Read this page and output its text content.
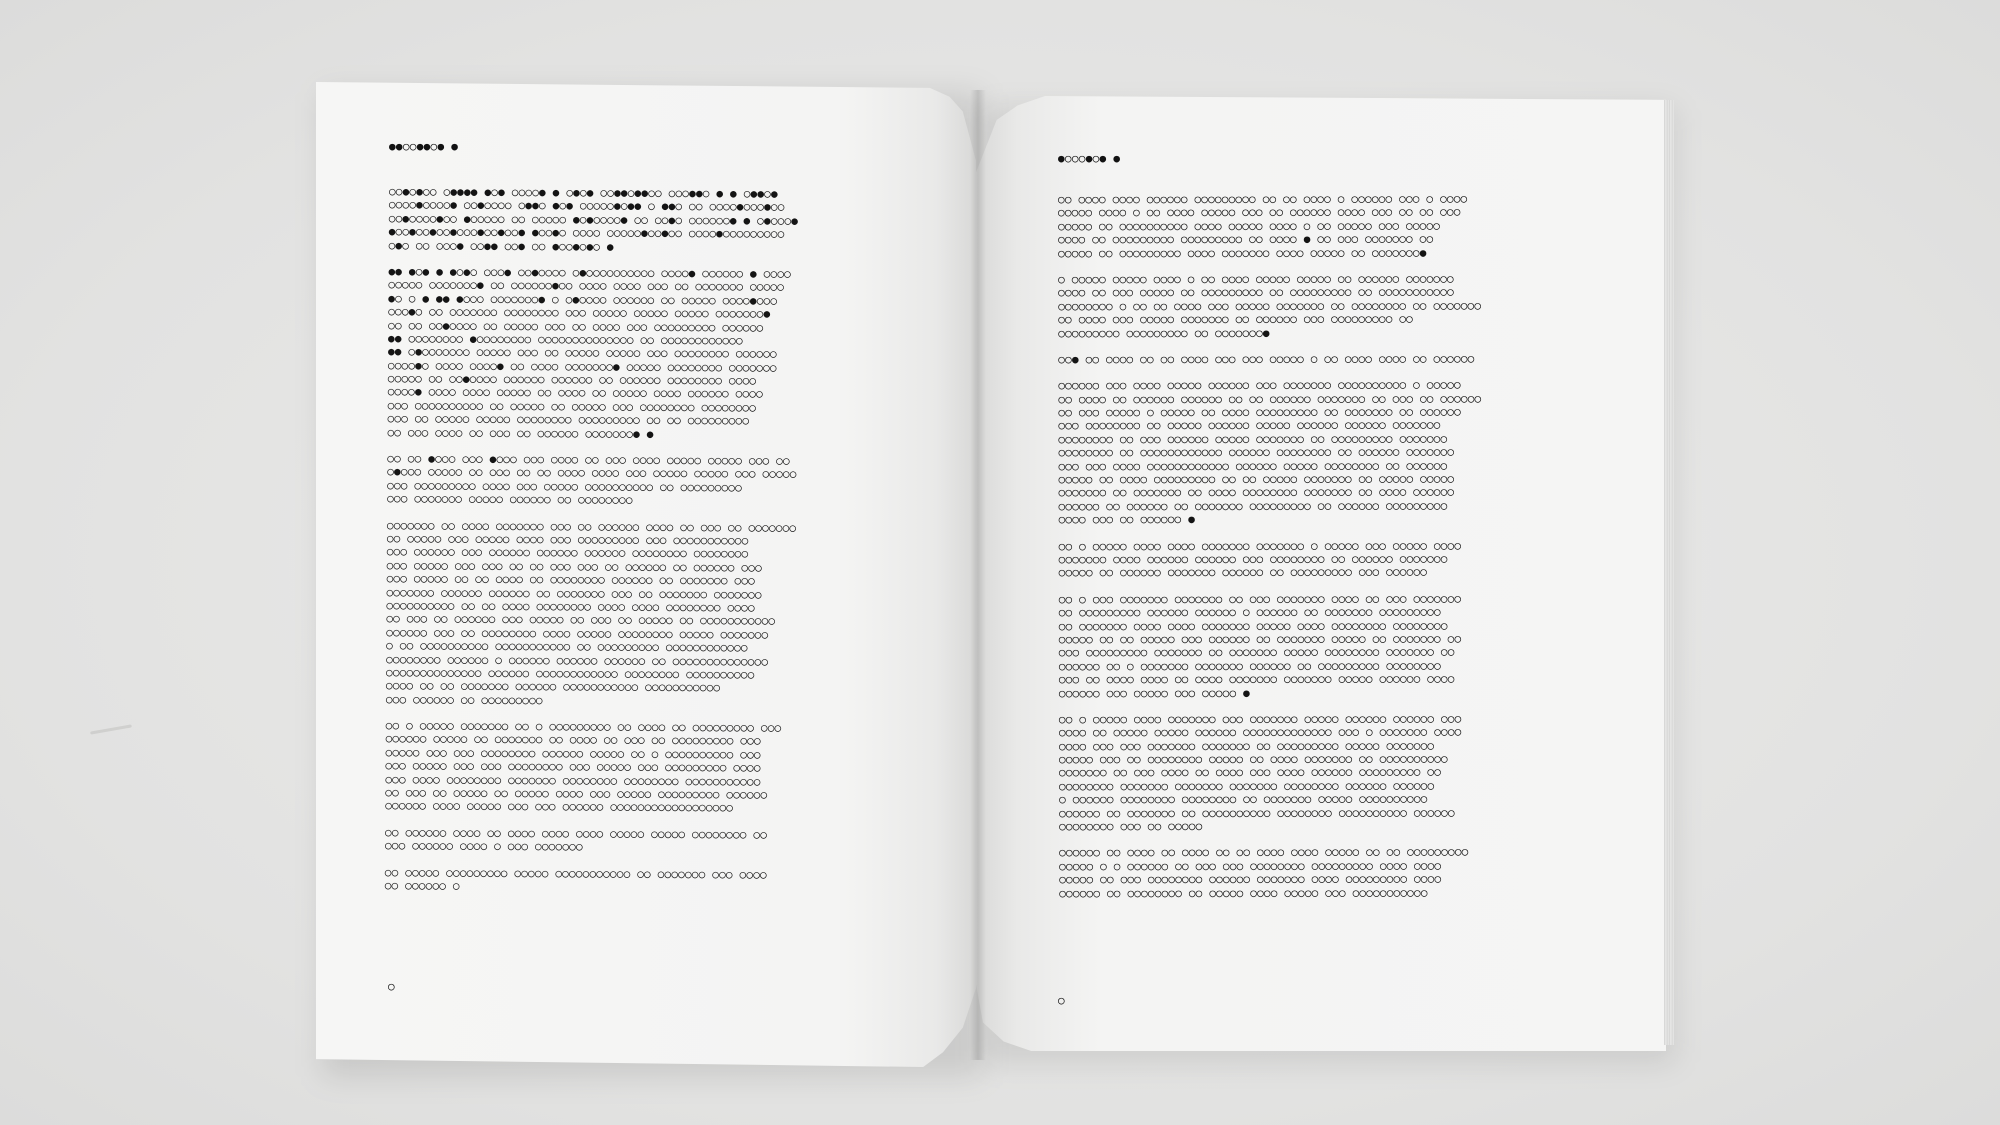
●●○○●●○● ●
○○●○●○○ ○●●●● ●○● ○○○○● ● ○●○● ○○●●○●●○○ ○○○●●○ ● ● ○●●○●
○○○○●○○○○● ○○●○○○○ ○●●○ ●○● ○○○○○●○●● ○ ●●○ ○○ ○○○○●○○○●○○
○○●○○○○●○○ ●○○○○○ ○○ ○○○○○ ●○●○○○○● ○○ ○○●○ ○○○○○○● ● ○●○○○●
●○○●○○●○○●○○○●○○●○○● ●○○●○ ○○○○ ○○○○○●○○●○○ ○○○○●○○○○○○○○○
○●○ ○○ ○○○● ○○●● ○○● ○○ ●○○●○●○ ●
●● ●○● ● ●○●○ ○○○● ○○●○○○○ ○●○○○○○○○○○○ ○○○○● ○○○○○○ ● ○○○○
○○○○○ ○○○○○○○● ○○ ○○○○○○●○○ ○○○○ ○○○○ ○○○ ○○ ○○○○○○○ ○○○○○
●○ ○ ● ●● ●○○○ ○○○○○○○● ○ ○●○○○○ ○○○○○○ ○○ ○○○○○ ○○○○●○○○
○○○●○ ○○ ○○○○○○○ ○○○○○○○○ ○○○ ○○○○○ ○○○○○ ○○○○○ ○○○○○○○●
○○ ○○ ○○●○○○○ ○○ ○○○○○ ○○○ ○○ ○○○○ ○○○ ○○○○○○○○○ ○○○○○○
●● ○○○○○○○○ ●○○○○○○○○ ○○○○○○○○○○○○○○ ○○ ○○○○○○○○○○○○
●● ○●○○○○○○○ ○○○○○ ○○○ ○○ ○○○○○ ○○○○○ ○○○ ○○○○○○○○ ○○○○○○
○○○○●○ ○○○○ ○○○○● ○○ ○○○○ ○○○○○○○● ○○○○○ ○○○○○○○○ ○○○○○○○
○○○○○ ○○ ○○●○○○○ ○○○○○○ ○○○○○○ ○○ ○○○○○○ ○○○○○○○○ ○○○○
○○○○● ○○○○ ○○○○ ○○○○○ ○○ ○○○○ ○○ ○○○○○ ○○○○ ○○○○○○ ○○○○
○○○ ○○○○○○○○○○ ○○ ○○○○○ ○○ ○○○○○ ○○○ ○○○○○○○○ ○○○○○○○○
○○○ ○○ ○○○○○ ○○○○○ ○○○○○○○○ ○○○○○○○○○ ○○ ○○ ○○○○○○○○○
○○ ○○○ ○○○○ ○○ ○○○ ○○ ○○○○○○ ○○○○○○○● ●
○○ ○○ ●○○○ ○○○ ●○○○ ○○○ ○○○○ ○○ ○○○ ○○○○ ○○○○○ ○○○○○ ○○○ ○○
○●○○○ ○○○○○ ○○ ○○○ ○○ ○○ ○○○○ ○○○○ ○○○ ○○○○○ ○○○○○ ○○○ ○○○○○
○○○ ○○○○○○○○○ ○○○○ ○○○ ○○○○○ ○○○○○○○○○○ ○○ ○○○○○○○○○
○○○ ○○○○○○○ ○○○○○ ○○○○○○ ○○ ○○○○○○○○
○○○○○○○ ○○ ○○○○ ○○○○○○○ ○○○ ○○ ○○○○○○ ○○○○ ○○ ○○○ ○○ ○○○○○○○
○○ ○○○○○ ○○○ ○○○○○ ○○○○ ○○○ ○○○○○○○○○ ○○○ ○○○○○○○○○○○
○○○ ○○○○○○ ○○○ ○○○○○○ ○○○○○○ ○○○○○○ ○○○○○○○○ ○○○○○○○○
○○○ ○○○○○ ○○○ ○○○ ○○ ○○ ○○○ ○○○ ○○ ○○○○○○ ○○ ○○○○○○ ○○○
○○○ ○○○○○ ○○ ○○ ○○○○ ○○ ○○○○○○○○ ○○○○○○ ○○ ○○○○○○○ ○○○
○○○○○○○ ○○○○○○ ○○○○○○ ○○ ○○○○○○○ ○○○ ○○ ○○○○○○○ ○○○○○○○
○○○○○○○○○○ ○○ ○○ ○○○○ ○○○○○○○○ ○○○○ ○○○○ ○○○○○○○○ ○○○○
○○ ○○○ ○○ ○○○○○○ ○○○ ○○○○○ ○○ ○○○ ○○ ○○○○○ ○○ ○○○○○○○○○○○
○○○○○○ ○○○ ○○ ○○○○○○○○ ○○○○ ○○○○○ ○○○○○○○○ ○○○○○ ○○○○○○○
○ ○○ ○○○○○○○○○○ ○○○○○○○○○○○ ○○ ○○○○○○○○○ ○○○○○○○○○○○○
○○○○○○○○ ○○○○○○ ○ ○○○○○○ ○○○○○○ ○○○○○○ ○○ ○○○○○○○○○○○○○○
○○○○○○○○○○○○○○ ○○○○○○ ○○○○○○○○○○○○ ○○○○○○○○ ○○○○○○○○○○
○○○○ ○○ ○○ ○○○○○○○ ○○○○○○ ○○○○○○○○○○○ ○○○○○○○○○○○
○○○ ○○○○○○ ○○ ○○○○○○○○○
○○ ○ ○○○○○ ○○○○○○○ ○○ ○ ○○○○○○○○○ ○○ ○○○○ ○○ ○○○○○○○○○ ○○○
○○○○○○ ○○○○○ ○○ ○○○○○○○ ○○ ○○○○ ○○ ○○○ ○○ ○○○○○○○○○ ○○○
○○○○○ ○○○ ○○○ ○○○○○○○○ ○○○○○○ ○○○○○ ○○ ○ ○○○○○○○○○○ ○○○
○○○ ○○○○○ ○○○ ○○○ ○○○○○○○○ ○○○ ○○○○○ ○○○ ○○○○○○○○○ ○○○○
○○○ ○○○○ ○○○○○○○○ ○○○○○○○ ○○○○○○○○ ○○○○○○○○ ○○○○○○○○○○○
○○ ○○○ ○○ ○○○○○ ○○ ○○○○○ ○○○○ ○○○ ○○○○○ ○○○○○○○○○ ○○○○○○
○○○○○○ ○○○○ ○○○○○ ○○○ ○○○ ○○○○○○ ○○○○○○○○○○○○○○○○○○
○○ ○○○○○○ ○○○○ ○○ ○○○○ ○○○○ ○○○○ ○○○○○ ○○○○○ ○○○○○○○○ ○○
○○○ ○○○○○○ ○○○○ ○ ○○○ ○○○○○○○
○○ ○○○○○ ○○○○○○○○○ ○○○○○ ○○○○○○○○○○○ ○○ ○○○○○○○ ○○○ ○○○○
○○ ○○○○○○ ○
○
●○○○●○● ●
○○ ○○○○ ○○○○ ○○○○○○ ○○○○○○○○○ ○○ ○○ ○○○○ ○ ○○○○○○ ○○○ ○ ○○○○
○○○○○ ○○○○ ○ ○○ ○○○○ ○○○○○ ○○○ ○○ ○○○○○○ ○○○○ ○○○ ○○ ○○ ○○○
○○○○○ ○○ ○○○○○○○○○○ ○○○○ ○○○○○ ○○○○ ○ ○○ ○○○○○ ○○○ ○○○○○
○○○○ ○○ ○○○○○○○○○ ○○○○○○○○○ ○○ ○○○○ ● ○○ ○○○ ○○○○○○○ ○○
○○○○○ ○○ ○○○○○○○○○ ○○○○ ○○○○○○○ ○○○○ ○○○○○ ○○ ○○○○○○○●
○ ○○○○○ ○○○○○ ○○○○ ○ ○○ ○○○○ ○○○○○ ○○○○○ ○○ ○○○○○○ ○○○○○○○
○○○○ ○○ ○○○ ○○○○○ ○○ ○○○○○○○○○ ○○ ○○○○○○○○○ ○○ ○○○○○○○○○○○
○○○○○○○○ ○ ○○ ○○ ○○○○ ○○○ ○○○○○ ○○○○○○○ ○○ ○○○○○○○○ ○○ ○○○○○○○
○○ ○○○○ ○○○ ○○○○○ ○○○○○○○ ○○ ○○○○○○ ○○○ ○○○○○○○○○ ○○
○○○○○○○○○ ○○○○○○○○○ ○○ ○○○○○○○●
○○● ○○ ○○○○ ○○ ○○ ○○○○ ○○○ ○○○ ○○○○○ ○ ○○ ○○○○ ○○○○ ○○ ○○○○○○
○○○○○○ ○○○ ○○○○ ○○○○○ ○○○○○○ ○○○ ○○○○○○○ ○○○○○○○○○○ ○ ○○○○○
○○ ○○○○ ○○ ○○○○○○ ○○○○○○ ○○ ○○ ○○○○○○ ○○○○○○○ ○○ ○○○ ○○ ○○○○○○
○○ ○○○ ○○○○○ ○ ○○○○○ ○○ ○○○○ ○○○○○○○○○ ○○ ○○○○○○○ ○○ ○○○○○○
○○○ ○○○○○○○○ ○○ ○○○○○ ○○○○○○ ○○○○○ ○○○○○○ ○○○○○○ ○○○○○○○
○○○○○○○○ ○○ ○○○ ○○○○○○ ○○○○○ ○○○○○○○ ○○ ○○○○○○○○○ ○○○○○○○
○○○○○○○○ ○○ ○○○○○○○○○○○○ ○○○○○○ ○○○○○○○○ ○○ ○○○○○○ ○○○○○○○
○○○ ○○○ ○○○○ ○○○○○○○○○○○○ ○○○○○○ ○○○○○ ○○○○○○○○ ○○ ○○○○○○
○○○○○ ○○ ○○○○ ○○○○○○○○○ ○○ ○○ ○○○○○ ○○○○○○○ ○○ ○○○○○ ○○○○○
○○○○○○○ ○○ ○○○○○○○ ○○ ○○○○ ○○○○○○○○ ○○○○○○○ ○○ ○○○○ ○○○○○○
○○○○○○ ○○ ○○○○○○ ○○ ○○○○○○○ ○○○○○○○○○ ○○ ○○○○○○ ○○○○○○○○○
○○○○ ○○○ ○○ ○○○○○○ ●
○○ ○ ○○○○○ ○○○○ ○○○○ ○○○○○○○ ○○○○○○○ ○ ○○○○○ ○○○ ○○○○○ ○○○○
○○○○○○○ ○○○○ ○○○○○○ ○○○○○○ ○○○ ○○○○○○○○ ○○ ○○○○○○ ○○○○○○○
○○○○○ ○○ ○○○○○○ ○○○○○○○ ○○○○○○ ○○ ○○○○○○○○○ ○○○ ○○○○○○
○○ ○ ○○○ ○○○○○○○ ○○○○○○○ ○○ ○○○ ○○○○○○○ ○○○○ ○○ ○○○ ○○○○○○○
○○ ○○○○○○○○○ ○○○○○○ ○○○○○○ ○ ○○○○○○ ○○ ○○○○○○○ ○○○○○○○○○
○○ ○○○○○○○ ○○○○ ○○○○ ○○○○○○○ ○○○○○ ○○○○ ○○○○○○○○ ○○○○○○○○
○○○○○ ○○ ○○ ○○○○○ ○○○ ○○○○○○ ○○ ○○○○○○○ ○○○○○ ○○ ○○○○○○○ ○○
○○○ ○○○○○○○○○ ○○○○○○○ ○○ ○○○○○○○ ○○○○○ ○○○○○○○○ ○○○○○○○ ○○
○○○○○○ ○○ ○ ○○○○○○○ ○○○○○○○ ○○○○○○ ○○ ○○○○○○○○○ ○○○○○○○○
○○○ ○○ ○○○○ ○○○○ ○○ ○○○○ ○○○○○○○ ○○○○○○○ ○○○○○ ○○○○○○ ○○○○
○○○○○○ ○○○ ○○○○○ ○○○ ○○○○○ ●
○○ ○ ○○○○○ ○○○○ ○○○○○○○ ○○○ ○○○○○○○ ○○○○○ ○○○○○○ ○○○○○○ ○○○
○○○○ ○○ ○○○○○ ○○○○○ ○○○○○○ ○○○○○○○○○○○○○ ○○○ ○ ○○○○○○○ ○○○○
○○○○ ○○○ ○○○ ○○○○○○○ ○○○○○○○ ○○ ○○○○○○○○○ ○○○○○ ○○○○○○○
○○○○○ ○○○ ○○ ○○○○○○○○ ○○○○○ ○○ ○○○○ ○○○○○○○ ○○ ○○○○○○○○○○
○○○○○○○ ○○ ○○○ ○○○○ ○○ ○○○○ ○○○ ○○○○ ○○○○○○ ○○○○○○○○○ ○○
○○○○○○○○ ○○○○○○○ ○○○○○○○ ○○○○○○○ ○○○○○○○○ ○○○○○○ ○○○○○○
○ ○○○○○○ ○○○○○○○○ ○○○○○○○○ ○○ ○○○○○○○ ○○○○○ ○○○○○○○○○○
○○○○○○ ○○ ○○○○○○○ ○○ ○○○○○○○○○○ ○○○○○○○○ ○○○○○○○○○○ ○○○○○○
○○○○○○○○ ○○○ ○○ ○○○○○
○○○○○○ ○○ ○○○○ ○○ ○○○○ ○○ ○○ ○○○○ ○○○○ ○○○○○ ○○ ○○ ○○○○○○○○○
○○○○○ ○ ○ ○○○○○○ ○○ ○○○ ○○○ ○○○○○○○○ ○○○○○○○○○ ○○○○ ○○○○
○○○○○ ○○ ○○○ ○○○○○○○○ ○○○○○○ ○○○○○○○ ○○○○ ○○○○○○○○○ ○○○○
○○○○○○ ○○ ○○○○○○○○ ○○ ○○○○○ ○○○○ ○○○○○ ○○○ ○○○○○○○○○○○
○
